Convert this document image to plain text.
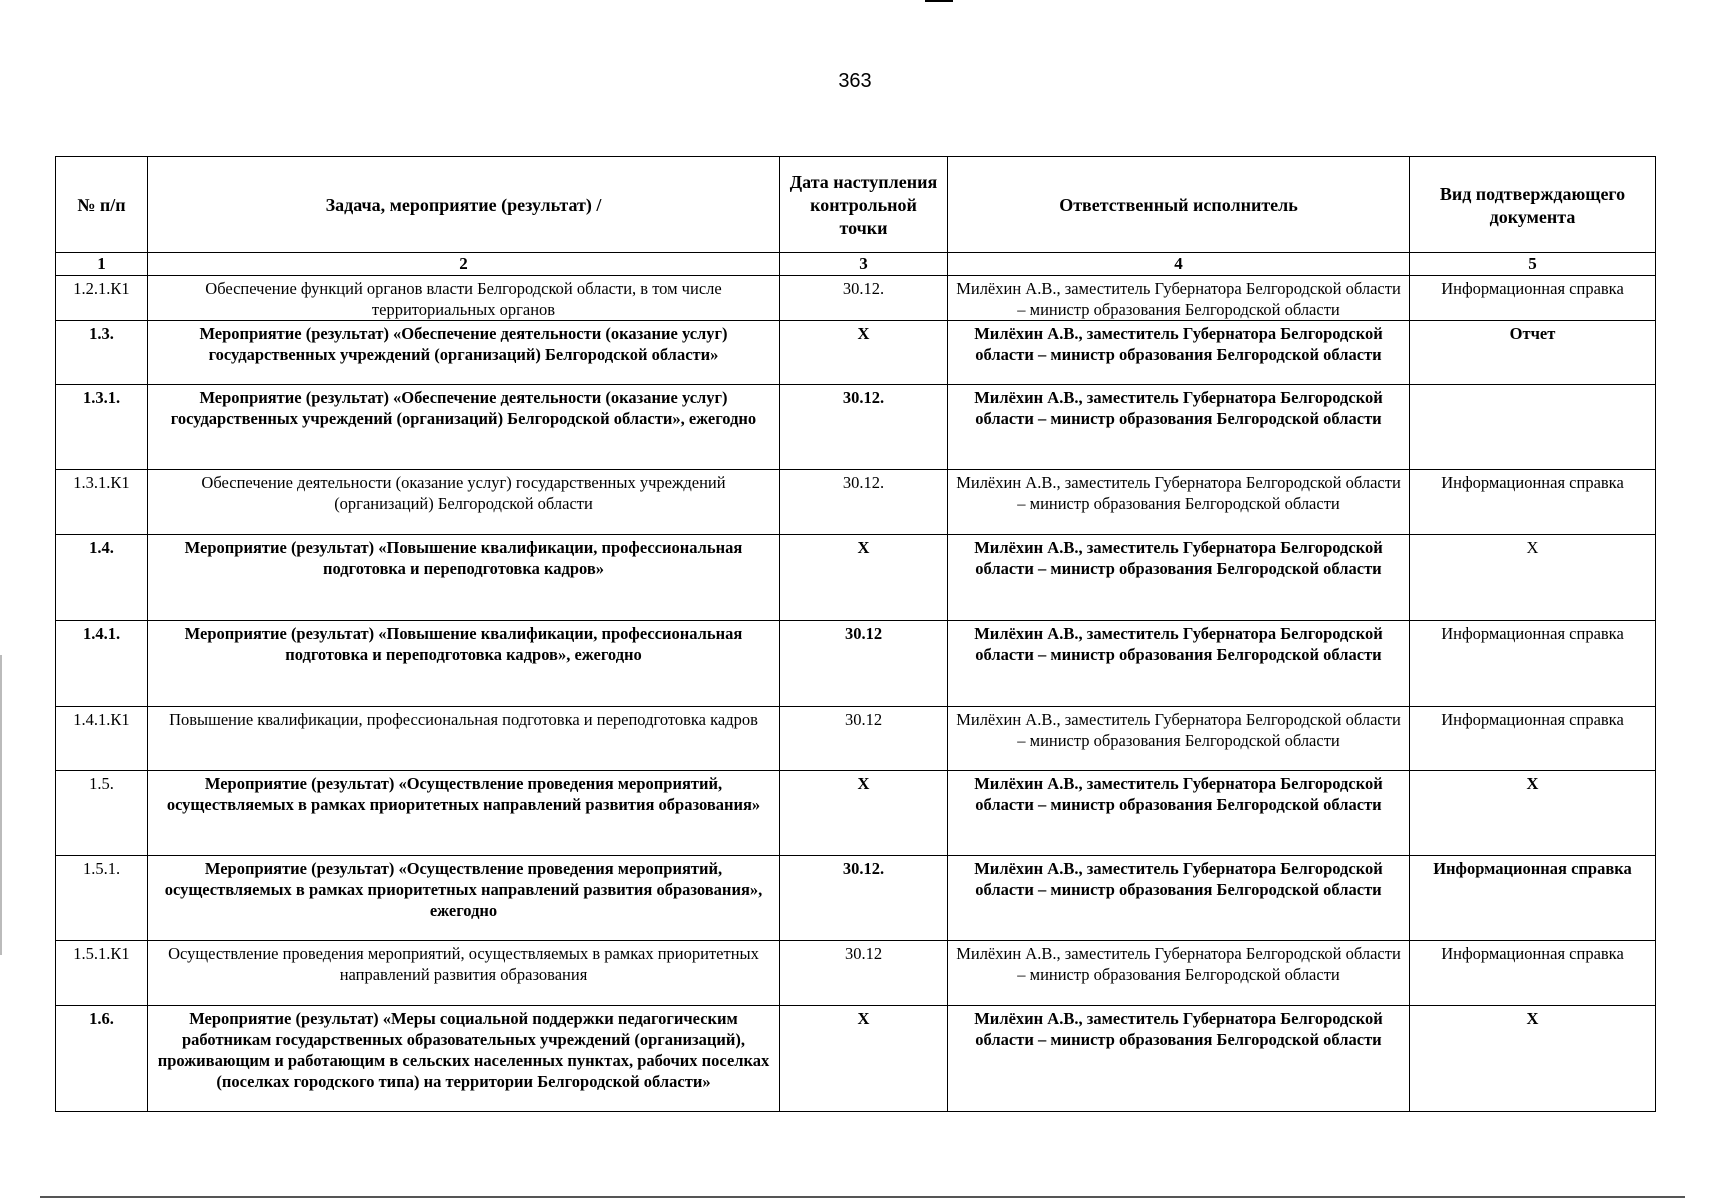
363
№ п/п	Задача, мероприятие (результат) /	Дата наступления контрольной точки	Ответственный исполнитель	Вид подтверждающего документа
1	2	3	4	5
1.2.1.К1	Обеспечение функций органов власти Белгородской области, в том числе территориальных органов	30.12.	Милёхин А.В., заместитель Губернатора Белгородской области – министр образования Белгородской области	Информационная справка
1.3.	Мероприятие (результат) «Обеспечение деятельности (оказание услуг) государственных учреждений (организаций) Белгородской области»	X	Милёхин А.В., заместитель Губернатора Белгородской области – министр образования Белгородской области	Отчет
1.3.1.	Мероприятие (результат) «Обеспечение деятельности (оказание услуг) государственных учреждений (организаций) Белгородской области», ежегодно	30.12.	Милёхин А.В., заместитель Губернатора Белгородской области – министр образования Белгородской области	
1.3.1.К1	Обеспечение деятельности (оказание услуг) государственных учреждений (организаций) Белгородской области	30.12.	Милёхин А.В., заместитель Губернатора Белгородской области – министр образования Белгородской области	Информационная справка
1.4.	Мероприятие (результат) «Повышение квалификации, профессиональная подготовка и переподготовка кадров»	X	Милёхин А.В., заместитель Губернатора Белгородской области – министр образования Белгородской области	X
1.4.1.	Мероприятие (результат) «Повышение квалификации, профессиональная подготовка и переподготовка кадров», ежегодно	30.12	Милёхин А.В., заместитель Губернатора Белгородской области – министр образования Белгородской области	Информационная справка
1.4.1.К1	Повышение квалификации, профессиональная подготовка и переподготовка кадров	30.12	Милёхин А.В., заместитель Губернатора Белгородской области – министр образования Белгородской области	Информационная справка
1.5.	Мероприятие (результат) «Осуществление проведения мероприятий, осуществляемых в рамках приоритетных направлений развития образования»	X	Милёхин А.В., заместитель Губернатора Белгородской области – министр образования Белгородской области	X
1.5.1.	Мероприятие (результат) «Осуществление проведения мероприятий, осуществляемых в рамках приоритетных направлений развития образования», ежегодно	30.12.	Милёхин А.В., заместитель Губернатора Белгородской области – министр образования Белгородской области	Информационная справка
1.5.1.К1	Осуществление проведения мероприятий, осуществляемых в рамках приоритетных направлений развития образования	30.12	Милёхин А.В., заместитель Губернатора Белгородской области – министр образования Белгородской области	Информационная справка
1.6.	Мероприятие (результат) «Меры социальной поддержки педагогическим работникам государственных образовательных учреждений (организаций), проживающим и работающим в сельских населенных пунктах, рабочих поселках (поселках городского типа) на территории Белгородской области»	X	Милёхин А.В., заместитель Губернатора Белгородской области – министр образования Белгородской области	X
